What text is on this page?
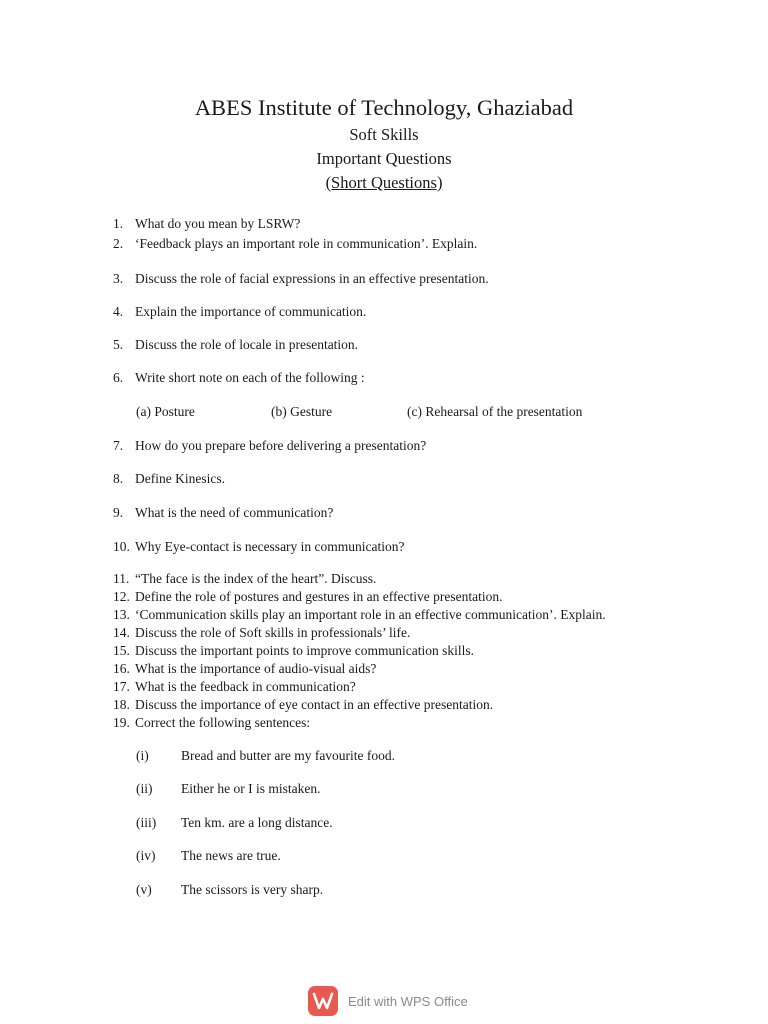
ABES Institute of Technology, Ghaziabad
Soft Skills
Important Questions
(Short Questions)
1. What do you mean by LSRW?
2. ‘Feedback plays an important role in communication’. Explain.
3. Discuss the role of facial expressions in an effective presentation.
4. Explain the importance of communication.
5. Discuss the role of locale in presentation.
6. Write short note on each of the following :
(a) Posture	(b) Gesture	(c) Rehearsal of the presentation
7. How do you prepare before delivering a presentation?
8. Define Kinesics.
9. What is the need of communication?
10. Why Eye-contact is necessary in communication?
11. “The face is the index of the heart”. Discuss.
12. Define the role of postures and gestures in an effective presentation.
13. ‘Communication skills play an important role in an effective communication’. Explain.
14. Discuss the role of Soft skills in professionals’ life.
15. Discuss the important points to improve communication skills.
16. What is the importance of audio-visual aids?
17. What is the feedback in communication?
18. Discuss the importance of eye contact in an effective presentation.
19. Correct the following sentences:
(i) Bread and butter are my favourite food.
(ii) Either he or I is mistaken.
(iii) Ten km. are a long distance.
(iv) The news are true.
(v) The scissors is very sharp.
Edit with WPS Office
